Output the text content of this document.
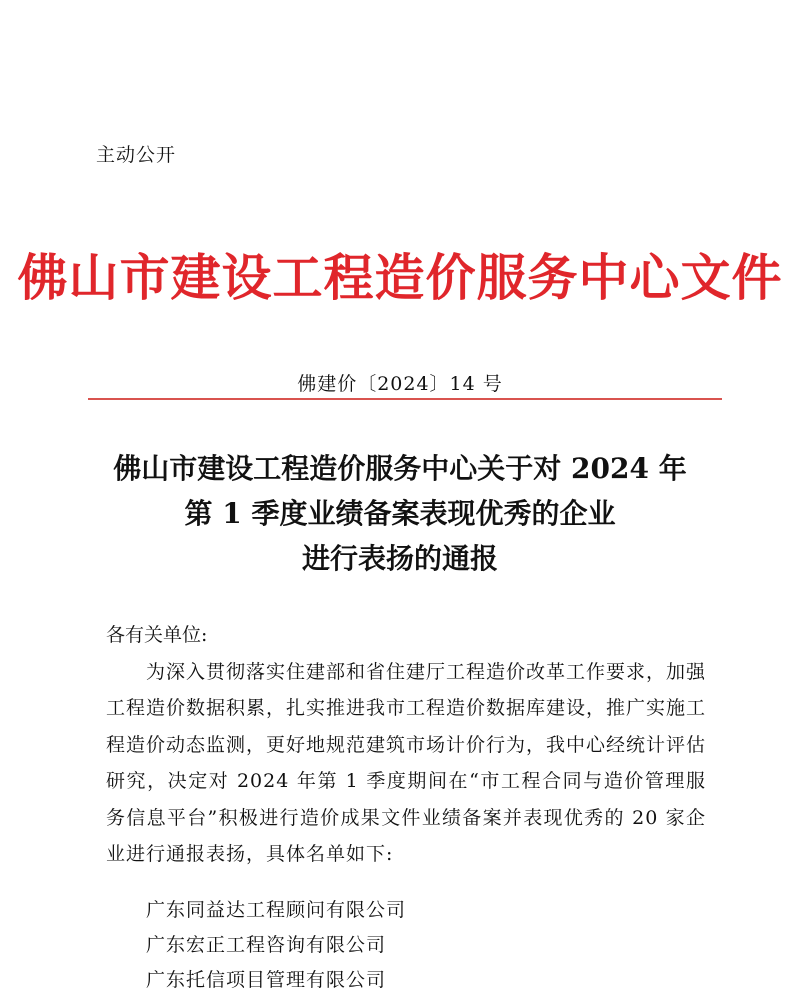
主动公开
佛山市建设工程造价服务中心文件
佛建价〔2024〕14 号
佛山市建设工程造价服务中心关于对 2024 年
第 1 季度业绩备案表现优秀的企业
进行表扬的通报

各有关单位:

为深入贯彻落实住建部和省住建厅工程造价改革工作要求，加强工程造价数据积累，扎实推进我市工程造价数据库建设，推广实施工程造价动态监测，更好地规范建筑市场计价行为，我中心经统计评估研究，决定对 2024 年第 1 季度期间在“市工程合同与造价管理服务信息平台”积极进行造价成果文件业绩备案并表现优秀的 20 家企业进行通报表扬，具体名单如下:

广东同益达工程顾问有限公司
广东宏正工程咨询有限公司
广东托信项目管理有限公司
